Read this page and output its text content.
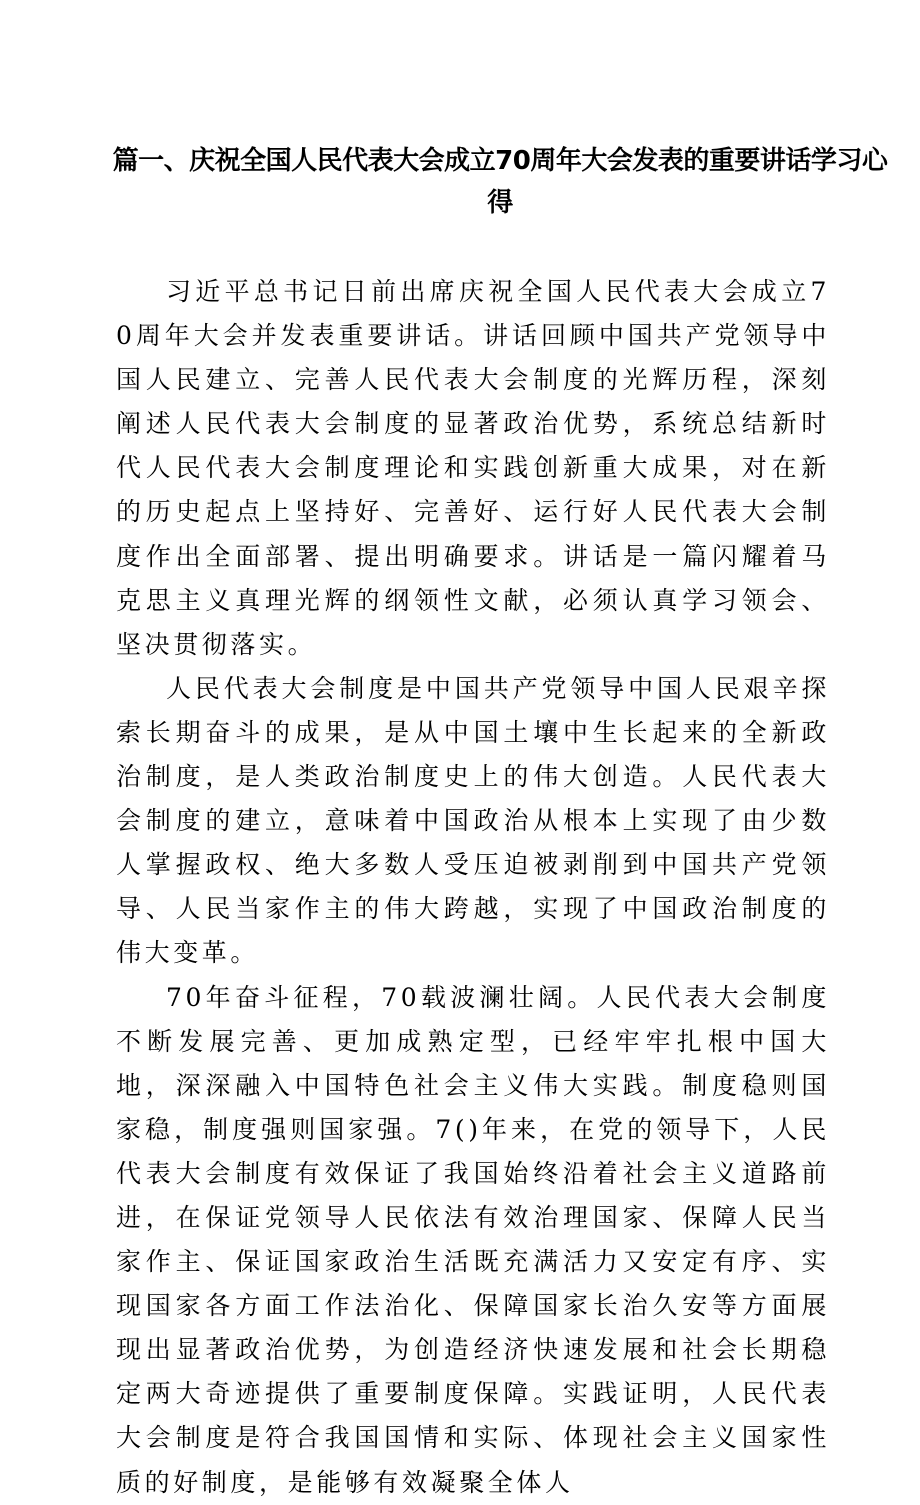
篇一、庆祝全国人民代表大会成立70周年大会发表的重要讲话学习心得

习近平总书记日前出席庆祝全国人民代表大会成立70周年大会并发表重要讲话。讲话回顾中国共产党领导中国人民建立、完善人民代表大会制度的光辉历程，深刻阐述人民代表大会制度的显著政治优势，系统总结新时代人民代表大会制度理论和实践创新重大成果，对在新的历史起点上坚持好、完善好、运行好人民代表大会制度作出全面部署、提出明确要求。讲话是一篇闪耀着马克思主义真理光辉的纲领性文献，必须认真学习领会、坚决贯彻落实。

人民代表大会制度是中国共产党领导中国人民艰辛探索长期奋斗的成果，是从中国土壤中生长起来的全新政治制度，是人类政治制度史上的伟大创造。人民代表大会制度的建立，意味着中国政治从根本上实现了由少数人掌握政权、绝大多数人受压迫被剥削到中国共产党领导、人民当家作主的伟大跨越，实现了中国政治制度的伟大变革。

70年奋斗征程，70载波澜壮阔。人民代表大会制度不断发展完善、更加成熟定型，已经牢牢扎根中国大地，深深融入中国特色社会主义伟大实践。制度稳则国家稳，制度强则国家强。7()年来，在党的领导下，人民代表大会制度有效保证了我国始终沿着社会主义道路前进，在保证党领导人民依法有效治理国家、保障人民当家作主、保证国家政治生活既充满活力又安定有序、实现国家各方面工作法治化、保障国家长治久安等方面展现出显著政治优势，为创造经济快速发展和社会长期稳定两大奇迹提供了重要制度保障。实践证明，人民代表大会制度是符合我国国情和实际、体现社会主义国家性质的好制度，是能够有效凝聚全体人
